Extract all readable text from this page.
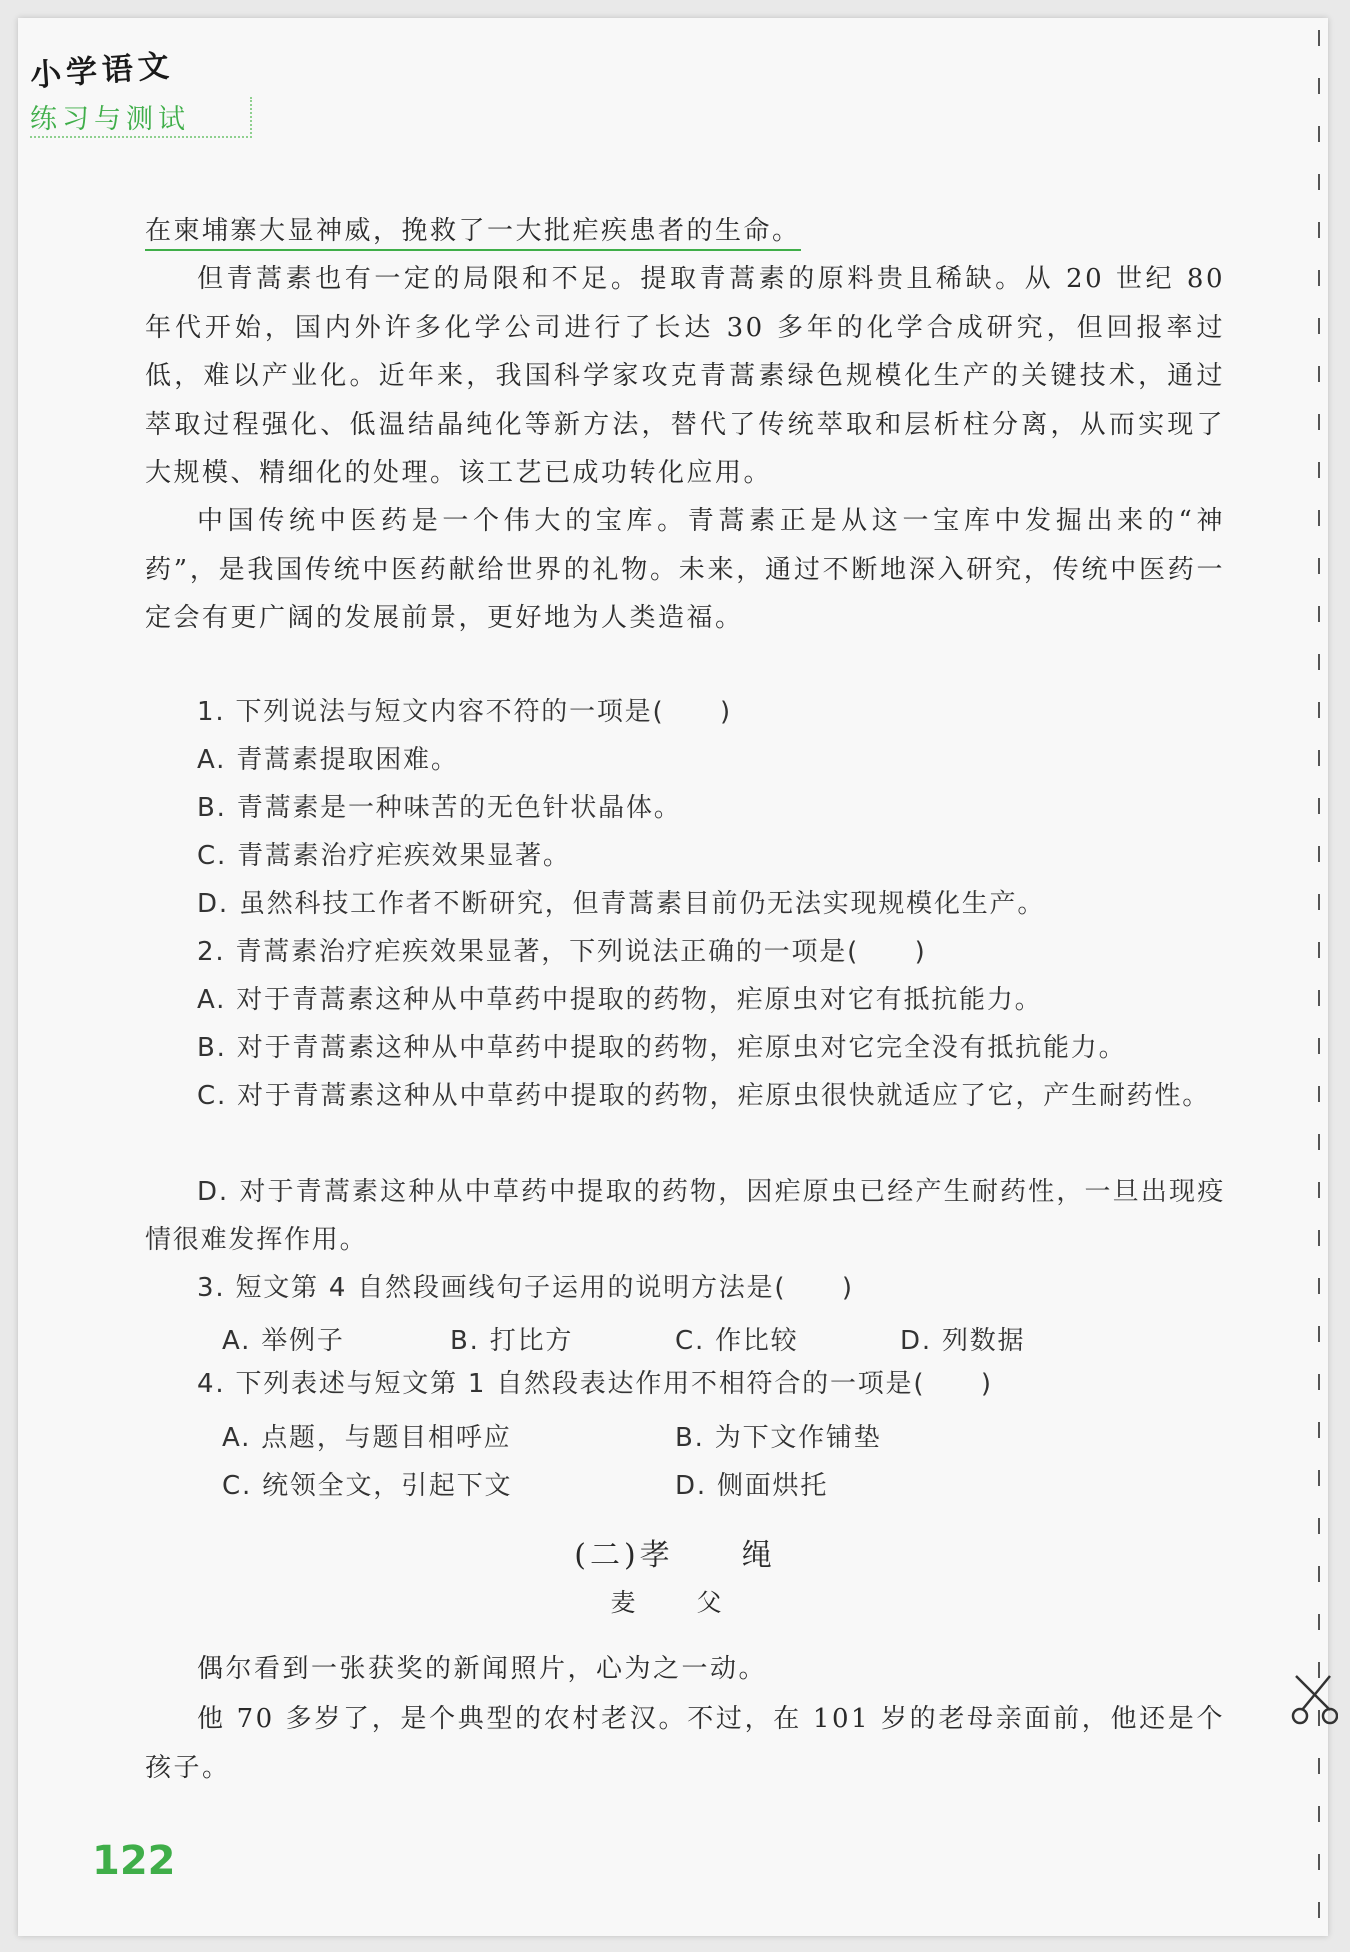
小学语文
练习与测试

在柬埔寨大显神威，挽救了一大批疟疾患者的生命。

但青蒿素也有一定的局限和不足。提取青蒿素的原料贵且稀缺。从 20 世纪 80 年代开始，国内外许多化学公司进行了长达 30 多年的化学合成研究，但回报率过低，难以产业化。近年来，我国科学家攻克青蒿素绿色规模化生产的关键技术，通过萃取过程强化、低温结晶纯化等新方法，替代了传统萃取和层析柱分离，从而实现了大规模、精细化的处理。该工艺已成功转化应用。

中国传统中医药是一个伟大的宝库。青蒿素正是从这一宝库中发掘出来的“神药”，是我国传统中医药献给世界的礼物。未来，通过不断地深入研究，传统中医药一定会有更广阔的发展前景，更好地为人类造福。

1. 下列说法与短文内容不符的一项是(　　)

A. 青蒿素提取困难。

B. 青蒿素是一种味苦的无色针状晶体。

C. 青蒿素治疗疟疾效果显著。

D. 虽然科技工作者不断研究，但青蒿素目前仍无法实现规模化生产。

2. 青蒿素治疗疟疾效果显著，下列说法正确的一项是(　　)

A. 对于青蒿素这种从中草药中提取的药物，疟原虫对它有抵抗能力。

B. 对于青蒿素这种从中草药中提取的药物，疟原虫对它完全没有抵抗能力。

C. 对于青蒿素这种从中草药中提取的药物，疟原虫很快就适应了它，产生耐药性。

D. 对于青蒿素这种从中草药中提取的药物，因疟原虫已经产生耐药性，一旦出现疫情很难发挥作用。

3. 短文第 4 自然段画线句子运用的说明方法是(　　)

A. 举例子	B. 打比方	C. 作比较	D. 列数据

4. 下列表述与短文第 1 自然段表达作用不相符合的一项是(　　)

A. 点题，与题目相呼应	B. 为下文作铺垫
C. 统领全文，引起下文	D. 侧面烘托
(二)孝　　绳
麦　父

偶尔看到一张获奖的新闻照片，心为之一动。

他 70 多岁了，是个典型的农村老汉。不过，在 101 岁的老母亲面前，他还是个孩子。

122
